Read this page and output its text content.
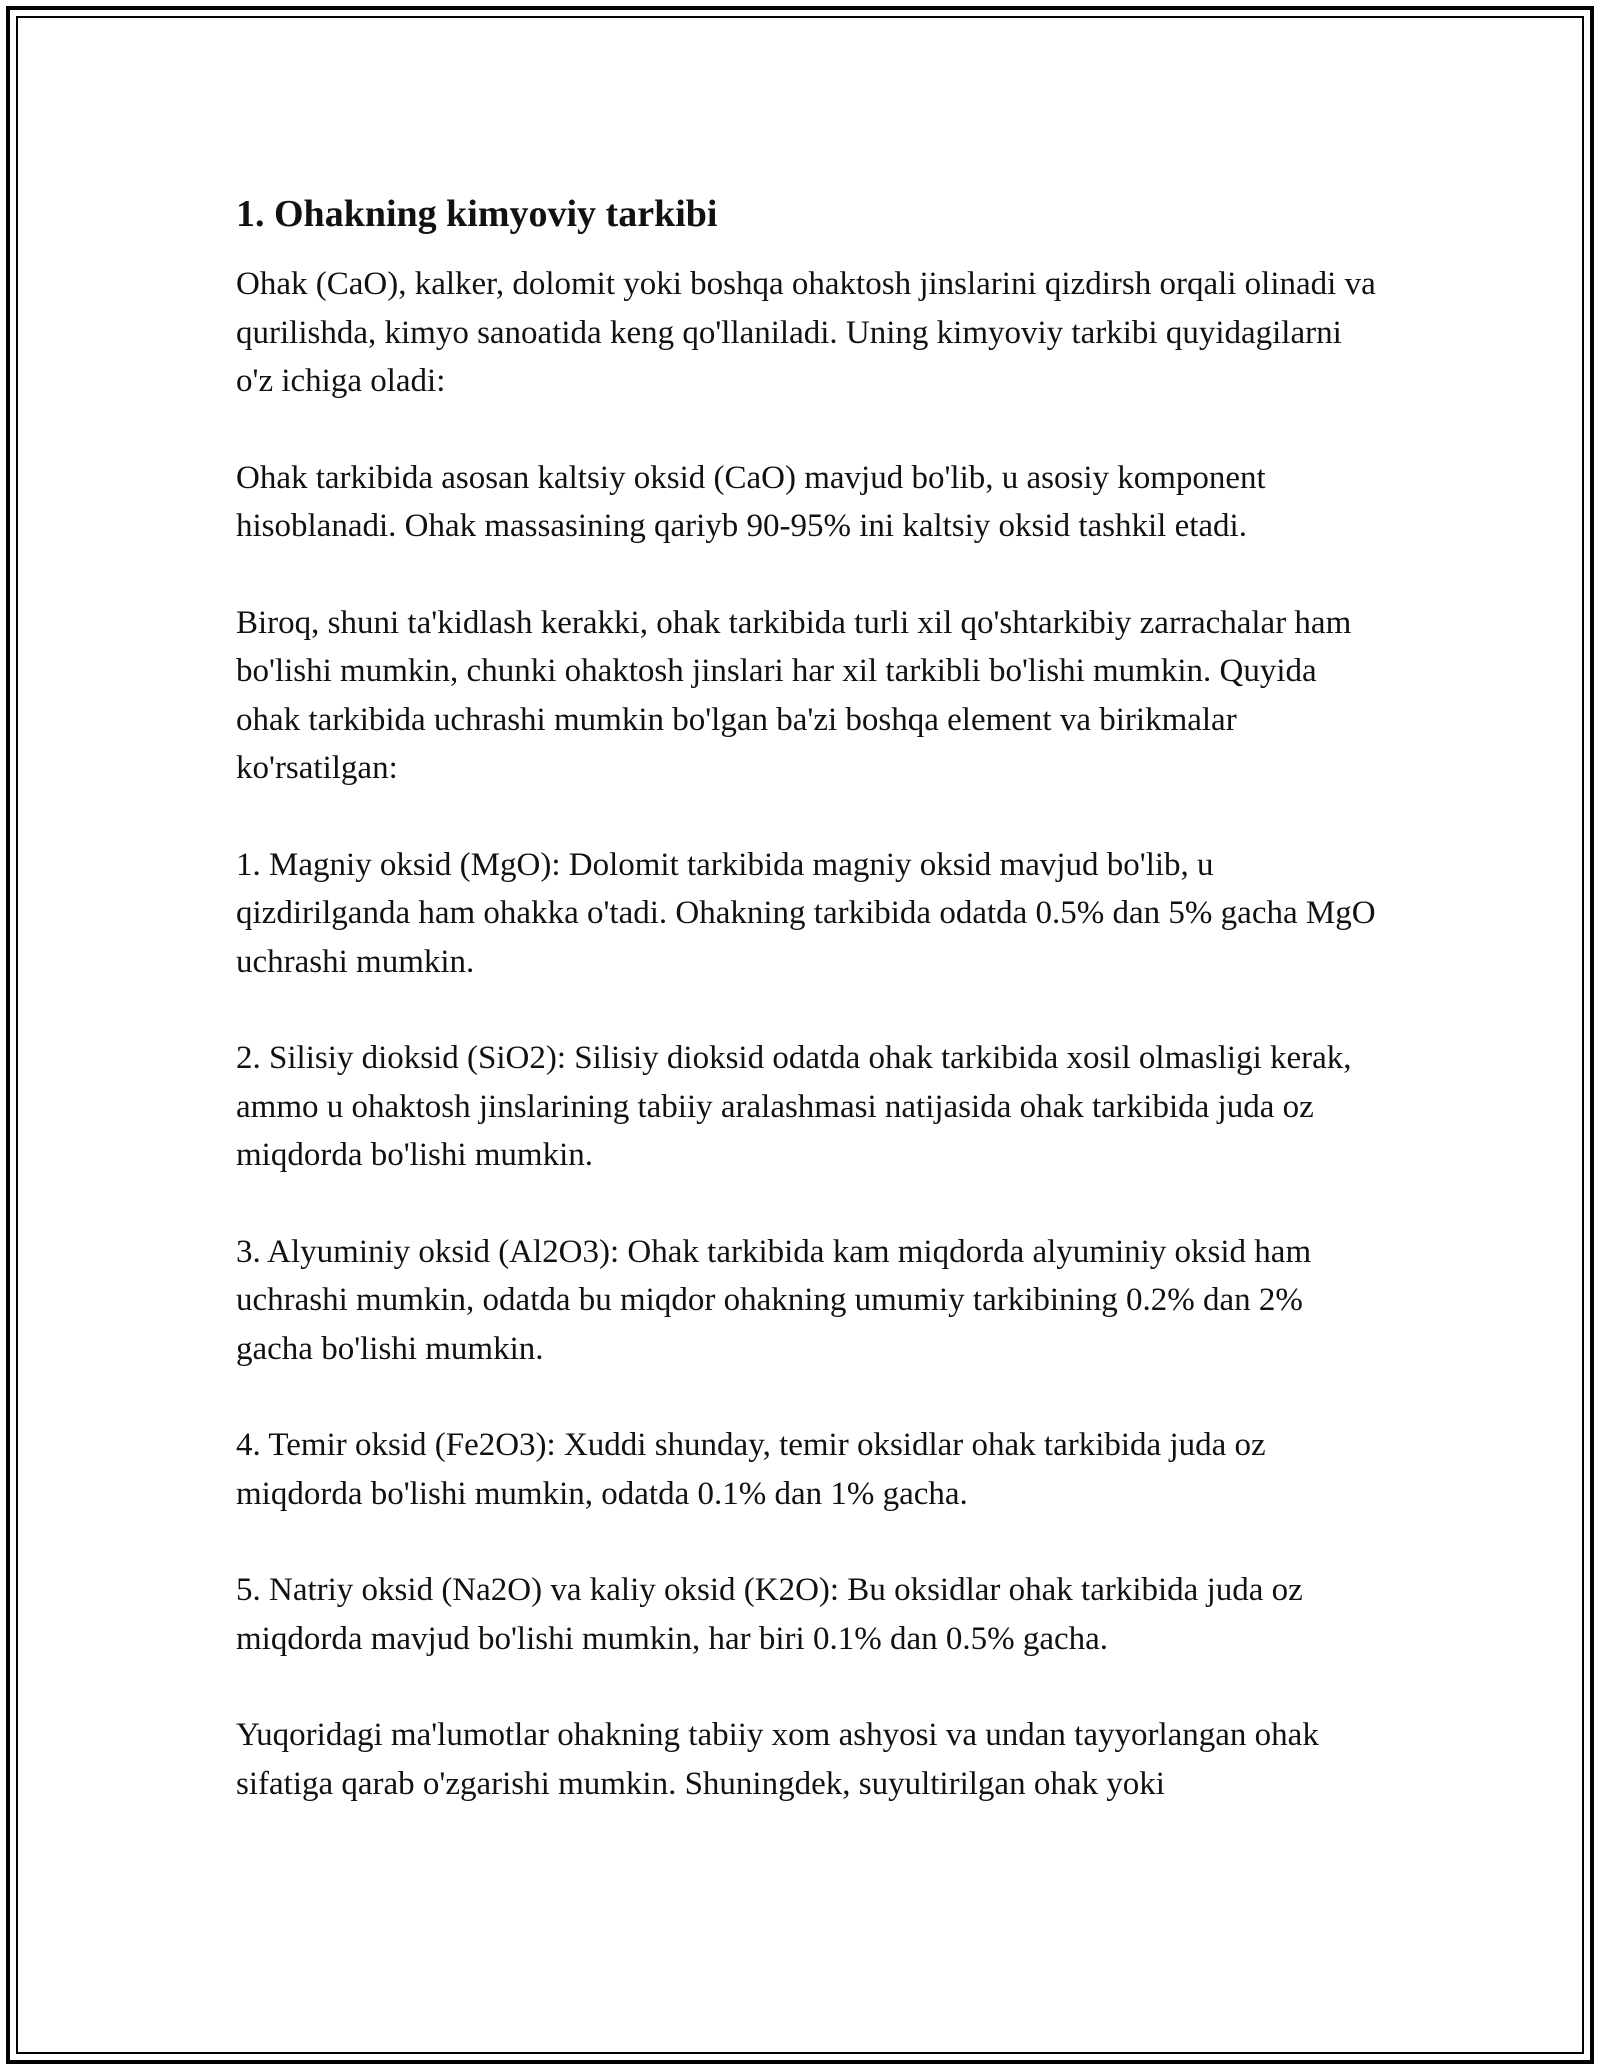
1. Ohakning kimyoviy tarkibi

Ohak (CaO), kalker, dolomit yoki boshqa ohaktosh jinslarini qizdirsh orqali olinadi va qurilishda, kimyo sanoatida keng qo'llaniladi. Uning kimyoviy tarkibi quyidagilarni o'z ichiga oladi:

Ohak tarkibida asosan kaltsiy oksid (CaO) mavjud bo'lib, u asosiy komponent hisoblanadi. Ohak massasining qariyb 90-95% ini kaltsiy oksid tashkil etadi.

Biroq, shuni ta'kidlash kerakki, ohak tarkibida turli xil qo'shtarkibiy zarrachalar ham bo'lishi mumkin, chunki ohaktosh jinslari har xil tarkibli bo'lishi mumkin. Quyida ohak tarkibida uchrashi mumkin bo'lgan ba'zi boshqa element va birikmalar ko'rsatilgan:

1. Magniy oksid (MgO): Dolomit tarkibida magniy oksid mavjud bo'lib, u qizdirilganda ham ohakka o'tadi. Ohakning tarkibida odatda 0.5% dan 5% gacha MgO uchrashi mumkin.

2. Silisiy dioksid (SiO2): Silisiy dioksid odatda ohak tarkibida xosil olmasligi kerak, ammo u ohaktosh jinslarining tabiiy aralashmasi natijasida ohak tarkibida juda oz miqdorda bo'lishi mumkin.

3. Alyuminiy oksid (Al2O3): Ohak tarkibida kam miqdorda alyuminiy oksid ham uchrashi mumkin, odatda bu miqdor ohakning umumiy tarkibining 0.2% dan 2% gacha bo'lishi mumkin.

4. Temir oksid (Fe2O3): Xuddi shunday, temir oksidlar ohak tarkibida juda oz miqdorda bo'lishi mumkin, odatda 0.1% dan 1% gacha.

5. Natriy oksid (Na2O) va kaliy oksid (K2O): Bu oksidlar ohak tarkibida juda oz miqdorda mavjud bo'lishi mumkin, har biri 0.1% dan 0.5% gacha.

Yuqoridagi ma'lumotlar ohakning tabiiy xom ashyosi va undan tayyorlangan ohak sifatiga qarab o'zgarishi mumkin. Shuningdek, suyultirilgan ohak yoki
